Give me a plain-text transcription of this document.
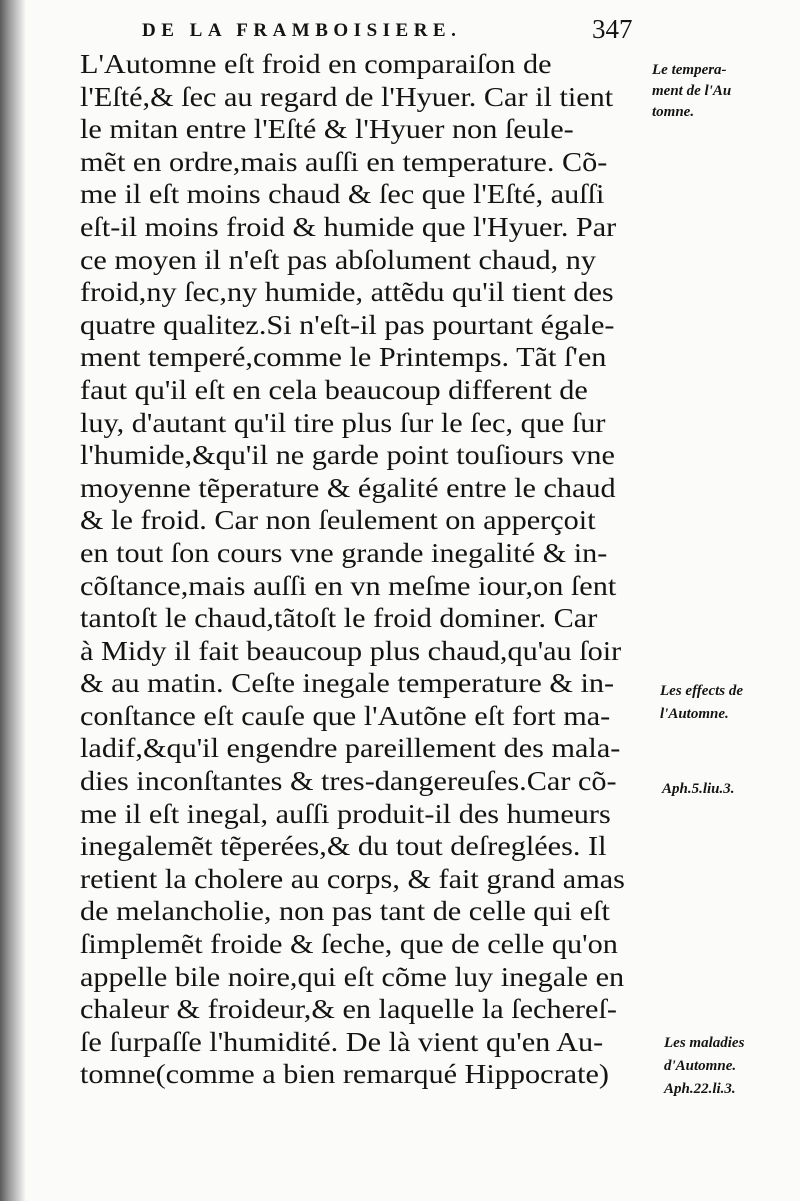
DE LA FRAMBOISIERE.	347
L'Automne eſt froid en comparaiſon de
l'Eſté,& ſec au regard de l'Hyuer. Car il tient
le mitan entre l'Eſté & l'Hyuer non ſeule-
mẽt en ordre,mais auſſi en temperature. Cõ-
me il eſt moins chaud & ſec que l'Eſté, auſſi
eſt-il moins froid & humide que l'Hyuer. Par
ce moyen il n'eſt pas abſolument chaud, ny
froid,ny ſec,ny humide, attẽdu qu'il tient des
quatre qualitez.Si n'eſt-il pas pourtant égale-
ment temperé,comme le Printemps. Tãt ſ'en
faut qu'il eſt en cela beaucoup different de
luy, d'autant qu'il tire plus ſur le ſec, que ſur
l'humide,&qu'il ne garde point touſiours vne
moyenne tẽperature & égalité entre le chaud
& le froid. Car non ſeulement on apperçoit
en tout ſon cours vne grande inegalité & in-
cõſtance,mais auſſi en vn meſme iour,on ſent
tantoſt le chaud,tãtoſt le froid dominer. Car
à Midy il fait beaucoup plus chaud,qu'au ſoir
& au matin. Ceſte inegale temperature & in-
conſtance eſt cauſe que l'Autõne eſt fort ma-
ladif,&qu'il engendre pareillement des mala-
dies inconſtantes & tres-dangereuſes.Car cõ-
me il eſt inegal, auſſi produit-il des humeurs
inegalemẽt tẽperées,& du tout deſreglées. Il
retient la cholere au corps, & fait grand amas
de melancholie, non pas tant de celle qui eſt
ſimplemẽt froide & ſeche, que de celle qu'on
appelle bile noire,qui eſt cõme luy inegale en
chaleur & froideur,& en laquelle la ſechereſ-
ſe ſurpaſſe l'humidité. De là vient qu'en Au-
tomne(comme a bien remarqué Hippocrate)
Le tempera-
ment de l'Au
tomne.
Les effects de
l'Automne.
Aph.5.liu.3.
Les maladies
d'Automne.
Aph.22.li.3.
